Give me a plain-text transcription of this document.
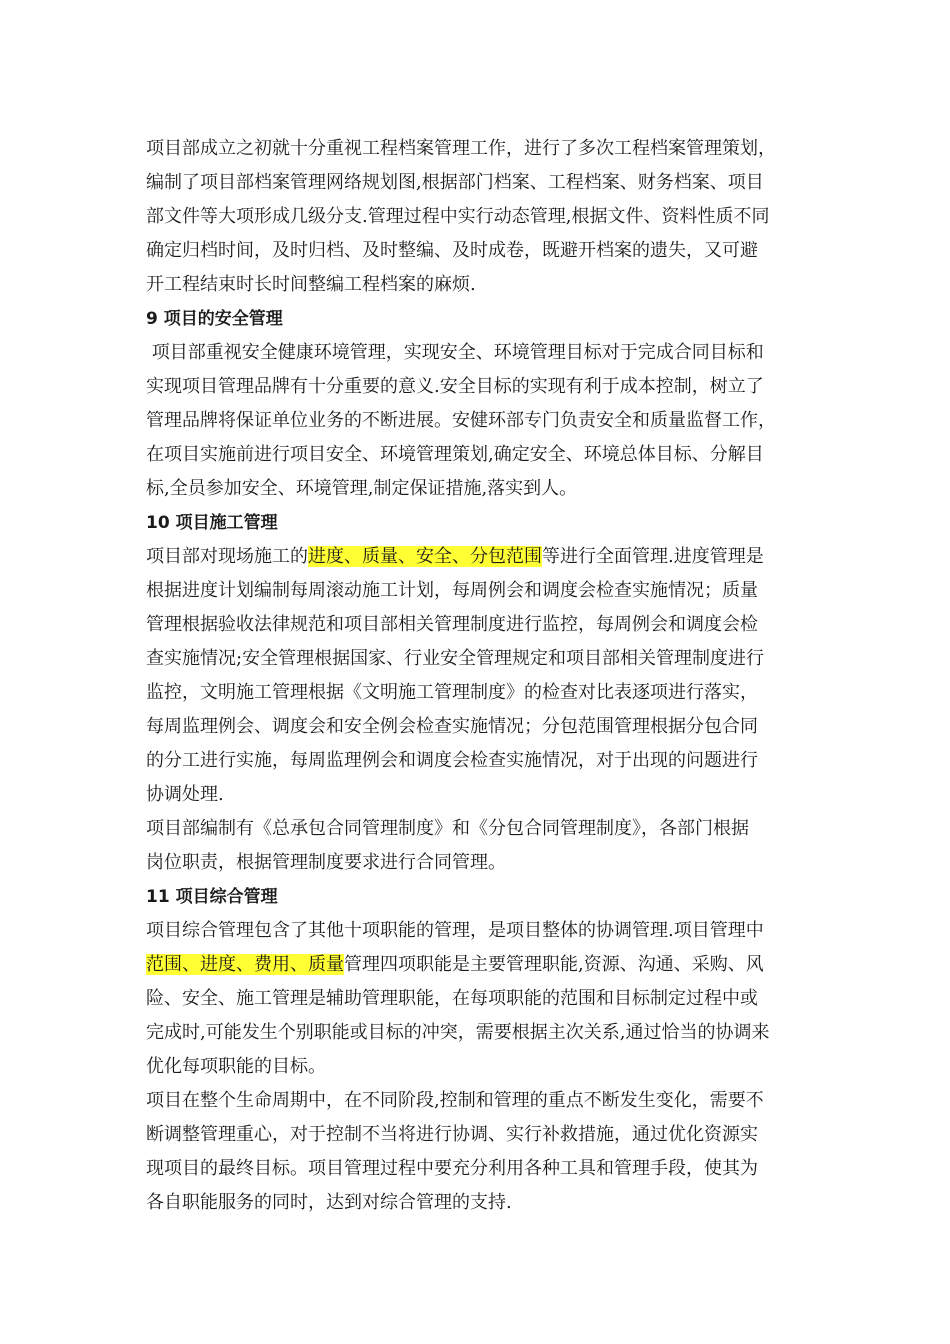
项目部成立之初就十分重视工程档案管理工作，进行了多次工程档案管理策划，
编制了项目部档案管理网络规划图,根据部门档案、工程档案、财务档案、项目
部文件等大项形成几级分支.管理过程中实行动态管理,根据文件、资料性质不同
确定归档时间，及时归档、及时整编、及时成卷，既避开档案的遗失，又可避
开工程结束时长时间整编工程档案的麻烦.
9 项目的安全管理
项目部重视安全健康环境管理，实现安全、环境管理目标对于完成合同目标和
实现项目管理品牌有十分重要的意义.安全目标的实现有利于成本控制，树立了
管理品牌将保证单位业务的不断进展。安健环部专门负责安全和质量监督工作，
在项目实施前进行项目安全、环境管理策划,确定安全、环境总体目标、分解目
标,全员参加安全、环境管理,制定保证措施,落实到人。
10 项目施工管理
项目部对现场施工的进度、质量、安全、分包范围等进行全面管理.进度管理是
根据进度计划编制每周滚动施工计划，每周例会和调度会检查实施情况；质量
管理根据验收法律规范和项目部相关管理制度进行监控，每周例会和调度会检
查实施情况;安全管理根据国家、行业安全管理规定和项目部相关管理制度进行
监控，文明施工管理根据《文明施工管理制度》的检查对比表逐项进行落实，
每周监理例会、调度会和安全例会检查实施情况；分包范围管理根据分包合同
的分工进行实施，每周监理例会和调度会检查实施情况，对于出现的问题进行
协调处理.
项目部编制有《总承包合同管理制度》和《分包合同管理制度》，各部门根据
岗位职责，根据管理制度要求进行合同管理。
11 项目综合管理
项目综合管理包含了其他十项职能的管理，是项目整体的协调管理.项目管理中
范围、进度、费用、质量管理四项职能是主要管理职能,资源、沟通、采购、风
险、安全、施工管理是辅助管理职能，在每项职能的范围和目标制定过程中或
完成时,可能发生个别职能或目标的冲突，需要根据主次关系,通过恰当的协调来
优化每项职能的目标。
项目在整个生命周期中，在不同阶段,控制和管理的重点不断发生变化，需要不
断调整管理重心，对于控制不当将进行协调、实行补救措施，通过优化资源实
现项目的最终目标。项目管理过程中要充分利用各种工具和管理手段，使其为
各自职能服务的同时，达到对综合管理的支持.
